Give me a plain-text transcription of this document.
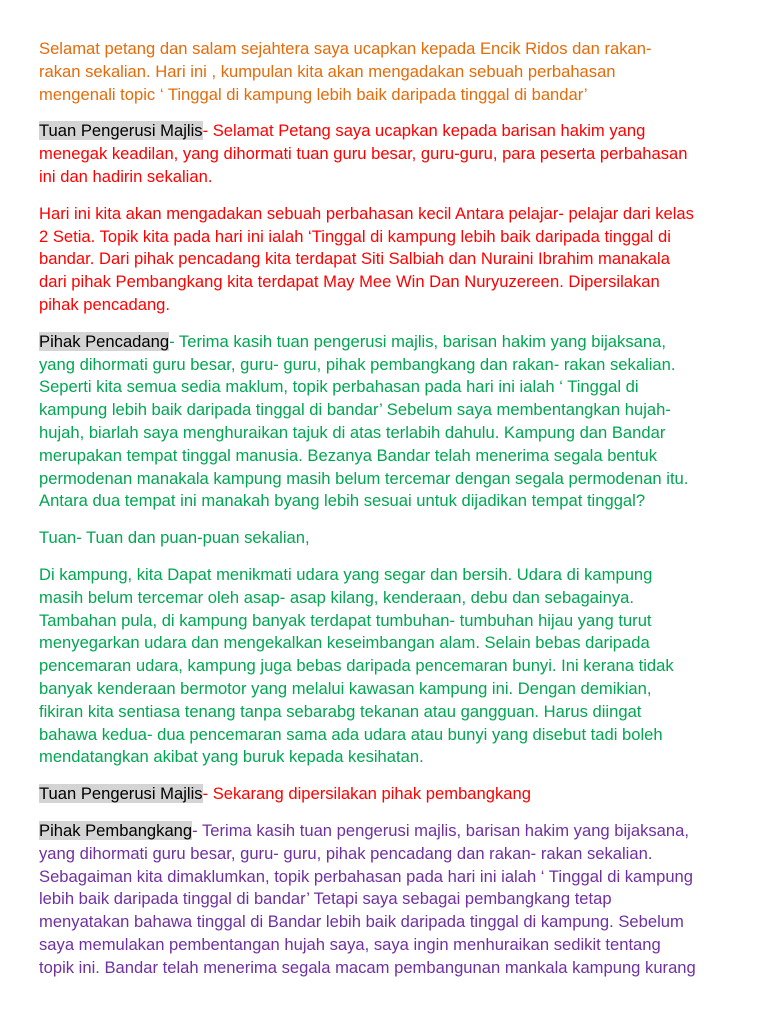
Selamat petang dan salam sejahtera saya ucapkan kepada Encik Ridos dan rakan-
rakan sekalian. Hari ini , kumpulan kita akan mengadakan sebuah perbahasan
mengenali topic ‘ Tinggal di kampung lebih baik daripada tinggal di bandar’

Tuan Pengerusi Majlis- Selamat Petang saya ucapkan kepada barisan hakim yang
menegak keadilan, yang dihormati tuan guru besar, guru-guru, para peserta perbahasan
ini dan hadirin sekalian.

Hari ini kita akan mengadakan sebuah perbahasan kecil Antara pelajar- pelajar dari kelas
2 Setia. Topik kita pada hari ini ialah ‘Tinggal di kampung lebih baik daripada tinggal di
bandar. Dari pihak pencadang kita terdapat Siti Salbiah dan Nuraini Ibrahim manakala
dari pihak Pembangkang kita terdapat May Mee Win Dan Nuryuzereen. Dipersilakan
pihak pencadang.

Pihak Pencadang- Terima kasih tuan pengerusi majlis, barisan hakim yang bijaksana,
yang dihormati guru besar, guru- guru, pihak pembangkang dan rakan- rakan sekalian.
Seperti kita semua sedia maklum, topik perbahasan pada hari ini ialah ‘ Tinggal di
kampung lebih baik daripada tinggal di bandar’ Sebelum saya membentangkan hujah-
hujah, biarlah saya menghuraikan tajuk di atas terlabih dahulu. Kampung dan Bandar
merupakan tempat tinggal manusia. Bezanya Bandar telah menerima segala bentuk
permodenan manakala kampung masih belum tercemar dengan segala permodenan itu.
Antara dua tempat ini manakah byang lebih sesuai untuk dijadikan tempat tinggal?

Tuan- Tuan dan puan-puan sekalian,

Di kampung, kita Dapat menikmati udara yang segar dan bersih. Udara di kampung
masih belum tercemar oleh asap- asap kilang, kenderaan, debu dan sebagainya.
Tambahan pula, di kampung banyak terdapat tumbuhan- tumbuhan hijau yang turut
menyegarkan udara dan mengekalkan keseimbangan alam. Selain bebas daripada
pencemaran udara, kampung juga bebas daripada pencemaran bunyi. Ini kerana tidak
banyak kenderaan bermotor yang melalui kawasan kampung ini. Dengan demikian,
fikiran kita sentiasa tenang tanpa sebarabg tekanan atau gangguan. Harus diingat
bahawa kedua- dua pencemaran sama ada udara atau bunyi yang disebut tadi boleh
mendatangkan akibat yang buruk kepada kesihatan.

Tuan Pengerusi Majlis- Sekarang dipersilakan pihak pembangkang

Pihak Pembangkang- Terima kasih tuan pengerusi majlis, barisan hakim yang bijaksana,
yang dihormati guru besar, guru- guru, pihak pencadang dan rakan- rakan sekalian.
Sebagaiman kita dimaklumkan, topik perbahasan pada hari ini ialah ‘ Tinggal di kampung
lebih baik daripada tinggal di bandar’ Tetapi saya sebagai pembangkang tetap
menyatakan bahawa tinggal di Bandar lebih baik daripada tinggal di kampung. Sebelum
saya memulakan pembentangan hujah saya, saya ingin menhuraikan sedikit tentang
topik ini. Bandar telah menerima segala macam pembangunan mankala kampung kurang
